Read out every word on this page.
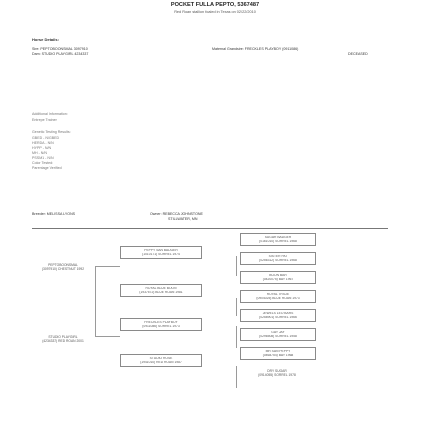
POCKET FULLA PEPTO, 5367487
Red Roan stallion foaled in Texas on 02/22/2010
Horse Details:
Sire: PEPTOBOONSMAL 3097910
Dam: STUDIO PLAYGIRL 4234337
Maternal Grandsire: FRECKLES PLAYBOY (0911086)
DECEASED
Additional Information:
Entrepe Trainer
Genetic Testing Results:
GBED - N/GBED
HERDA - N/N
HYPP - N/N
MH - N/N
PSSM1 - N/N
Color Tested:
Parentage Verified
Breeder: MELISSA LYONS	Owner: REBECCA JOHNSTONE
STILLWATER, MN
PEPTOBOONSMAL
(3097910) CHESTNUT 1992
STUDIO PLAYGIRL
(4234337) RED ROAN 2001
PEPPY SAN BADGER
(1010171) SORREL 1974
ROYAL BLUE BOON
(1937572) BLUE ROAN 1981
FRECKLES PLAYBOY
(0911086) SORREL 1973
STUDIO ROSE
(1941010) RED ROAN 1987
SUGAR BADGER
(0161010) SORREL 1968
SISTER PAT
(0256312) SORREL 1968
BOON BAR
(0420075) BAY 1967
ROYAL TRICIE
(0904025) BLUE ROAN 1973
JEWELS LEO BARS
(0258901) SORREL 1966
GAY JAY
(0296508) SORREL 1958
MR SAN PEPPY
(0468754) BAY 1968
DRY SUGAR
(0914055) SORREL 1978
